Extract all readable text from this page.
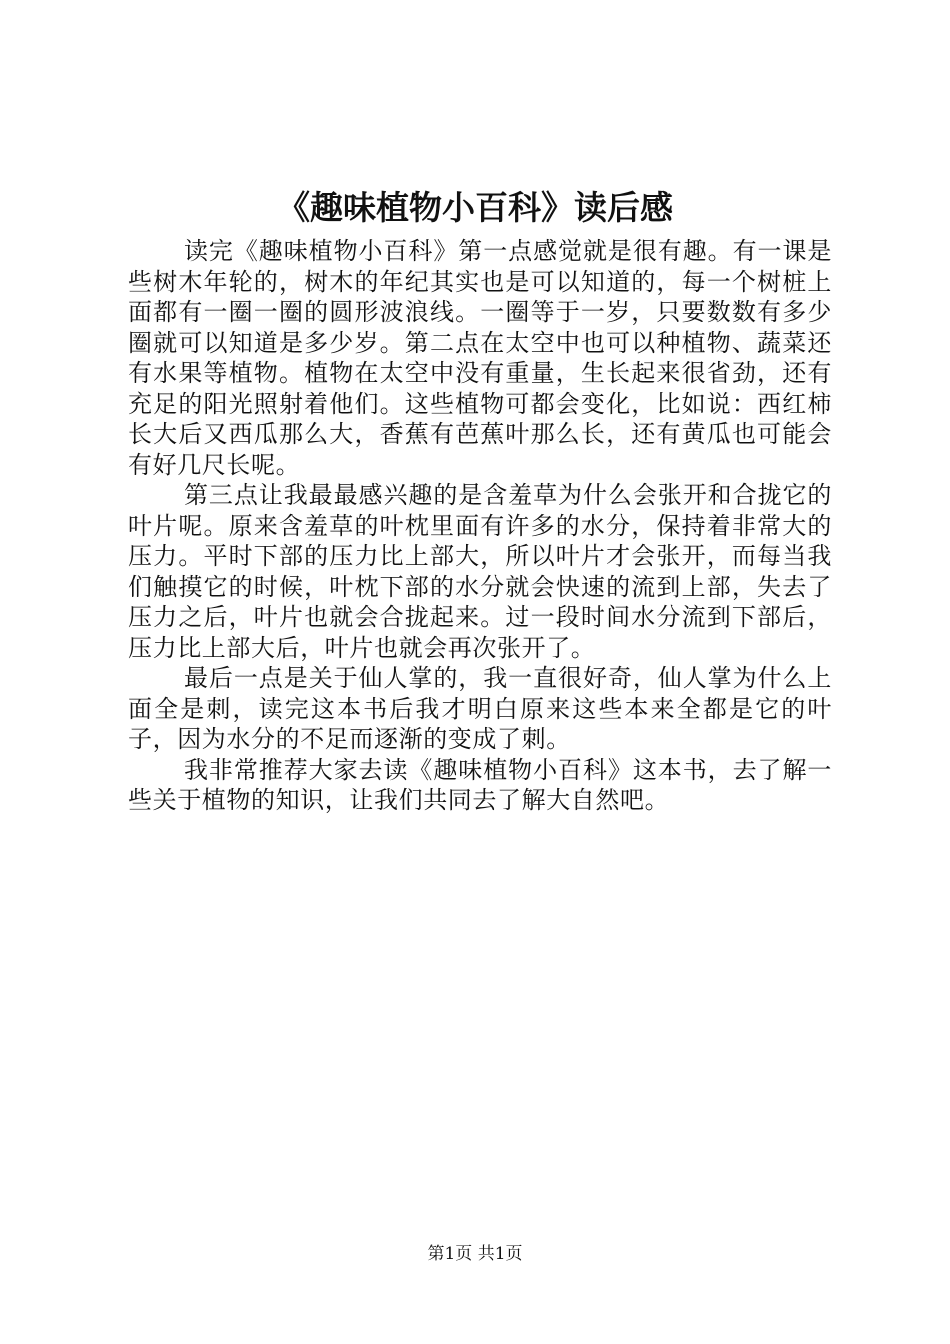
《趣味植物小百科》读后感

读完《趣味植物小百科》第一点感觉就是很有趣。有一课是些树木年轮的，树木的年纪其实也是可以知道的，每一个树桩上面都有一圈一圈的圆形波浪线。一圈等于一岁，只要数数有多少圈就可以知道是多少岁。第二点在太空中也可以种植物、蔬菜还有水果等植物。植物在太空中没有重量，生长起来很省劲，还有充足的阳光照射着他们。这些植物可都会变化，比如说：西红柿长大后又西瓜那么大，香蕉有芭蕉叶那么长，还有黄瓜也可能会有好几尺长呢。

第三点让我最最感兴趣的是含羞草为什么会张开和合拢它的叶片呢。原来含羞草的叶枕里面有许多的水分，保持着非常大的压力。平时下部的压力比上部大，所以叶片才会张开，而每当我们触摸它的时候，叶枕下部的水分就会快速的流到上部，失去了压力之后，叶片也就会合拢起来。过一段时间水分流到下部后，压力比上部大后，叶片也就会再次张开了。

最后一点是关于仙人掌的，我一直很好奇，仙人掌为什么上面全是刺，读完这本书后我才明白原来这些本来全都是它的叶子，因为水分的不足而逐渐的变成了刺。

我非常推荐大家去读《趣味植物小百科》这本书，去了解一些关于植物的知识，让我们共同去了解大自然吧。

第1页 共1页
